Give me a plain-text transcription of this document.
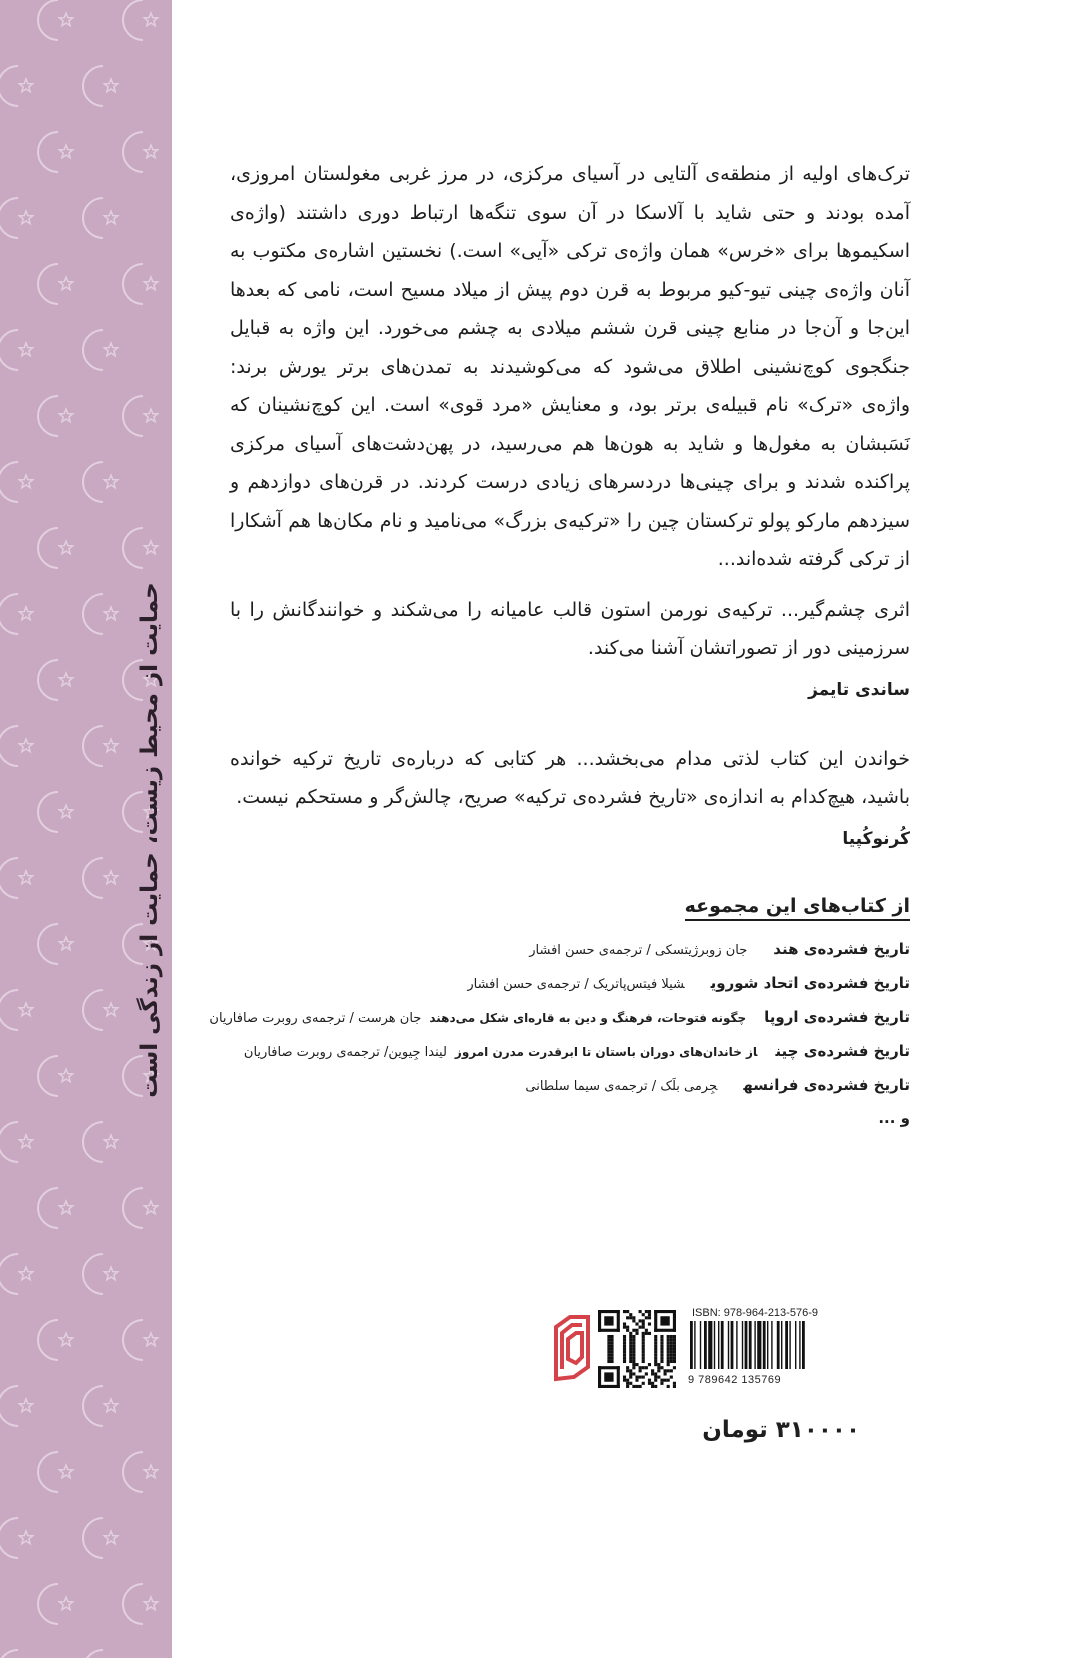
حمایت از محیط زیست، حمایت از زندگی است

ترک‌های اولیه از منطقه‌ی آلتایی در آسیای مرکزی، در مرز غربی مغولستان امروزی، آمده بودند و حتی شاید با آلاسکا در آن سوی تنگه‌ها ارتباط دوری داشتند (واژه‌ی اسکیموها برای «خرس» همان واژه‌ی ترکی «آیی» است.) نخستین اشاره‌ی مکتوب به آنان واژه‌ی چینی تیو-کیو مربوط به قرن دوم پیش از میلاد مسیح است، نامی که بعدها این‌جا و آن‌جا در منابع چینی قرن ششم میلادی به چشم می‌خورد. این واژه به قبایل جنگجوی کوچ‌نشینی اطلاق می‌شود که می‌کوشیدند به تمدن‌های برتر یورش برند: واژه‌ی «ترک» نام قبیله‌ی برتر بود، و معنایش «مرد قوی» است. این کوچ‌نشینان که نَسَبشان به مغول‌ها و شاید به هون‌ها هم می‌رسید، در پهن‌دشت‌های آسیای مرکزی پراکنده شدند و برای چینی‌ها دردسرهای زیادی درست کردند. در قرن‌های دوازدهم و سیزدهم مارکو پولو ترکستان چین را «ترکیه‌ی بزرگ» می‌نامید و نام مکان‌ها هم آشکارا از ترکی گرفته شده‌اند...

اثری چشم‌گیر... ترکیه‌ی نورمن استون قالب عامیانه را می‌شکند و خوانندگانش را با سرزمینی دور از تصوراتشان آشنا می‌کند.

ساندی تایمز

خواندن این کتاب لذتی مدام می‌بخشد... هر کتابی که درباره‌ی تاریخ ترکیه خوانده باشید، هیچ‌کدام به اندازه‌ی «تاریخ فشرده‌ی ترکیه» صریح، چالش‌گر و مستحکم نیست.

کُرنوکُپیا

از کتاب‌های این مجموعه

تاریخ فشرده‌ی هندجان زوبرژیتسکی / ترجمه‌ی حسن افشار

تاریخ فشرده‌ی اتحاد شورویشیلا فیتس‌پاتریک / ترجمه‌ی حسن افشار

تاریخ فشرده‌ی اروپاچگونه فتوحات، فرهنگ و دین به قاره‌ای شکل می‌دهندجان هرست / ترجمه‌ی روبرت صافاریان

تاریخ فشرده‌ی چیناز خاندان‌های دوران باستان تا ابرقدرت مدرن امروزلیندا جِیوین/ ترجمه‌ی روبرت صافاریان

تاریخ فشرده‌ی فرانسهجِرمی بلَک / ترجمه‌ی سیما سلطانی

و ...

ISBN: 978-964-213-576-9
9 789642 135769
۳۱۰۰۰۰ تومان
